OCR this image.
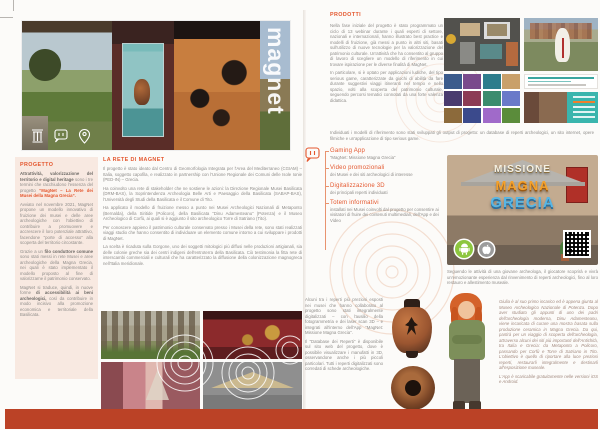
magnet
PROGETTO

Attrattività, valorizzazione del territorio e digital heritage sono i tre termini che racchiudono l'essenza del progetto “MagNet – La Rete dei Musei della Magna Grecia”.

Avviato nel novembre 2021, MagNet propone un modello innovativo di fruizione dei musei e delle aree archeologiche con l'obiettivo di contribuire a promuovere e accrescere il loro potenziale attrattivo, facendone “porte di accesso” alla scoperta del territorio circostante.

Grazie a un filo conduttore comune sono stati messi in rete Musei e aree archeologiche della Magna Grecia, nei quali è stato implementato il modello proposto al fine di valorizzarne il patrimonio conservato.

MagNet si traduce, quindi, in nuove forme di accessibilità ai beni archeologici, così da contribuire in modo incisivo alla promozione economica e territoriale della Basilicata.

LA RETE DI MAGNET

Il progetto è stato ideato dal Centro di Geomorfologia Integrata per l'Area del Mediterraneo (CGIAM) – Italia, soggetto capofila, e realizzato in partnership con l'Unione Regionale dei Comuni delle Isole Ionie (PED-IN) – Grecia.

Ha coinvolto una rete di stakeholder che ne sostiene le azioni: la Direzione Regionale Musei Basilicata (DRM-BAS), la Soprintendenza Archeologia Belle Arti e Paesaggio della Basilicata (SABAP-BAS), l'Università degli Studi della Basilicata e il Comune di Tito.

Ha applicato il modello di fruizione messo a punto nei Musei Archeologici Nazionali di Metaponto (Bernalda), della Siritide (Policoro), della Basilicata “Dinu Adamesteanu” (Potenza) e il Museo Archeologico di Corfù, ai quali si è aggiunto il sito archeologico Torre di Satriano (Tito).

Per conoscere appieno il patrimonio culturale conservato presso i Musei della rete, sono stati realizzati viaggi studio che hanno consentito di individuare un elemento comune intorno a cui sviluppare i prodotti di MagNet.

La scelta è ricaduta sulla Gorgone, uno dei soggetti mitologici più diffusi nelle produzioni artigianali, sia delle colonie greche sia dei centri indigeni dell'entroterra della Basilicata. Ciò testimonia la fitta rete di interscambi commerciali e culturali che ha caratterizzato la diffusione della colonizzazione magnogreca nell'Italia meridionale.

PRODOTTI

Nella fase iniziale del progetto è stato programmato un ciclo di 13 webinar durante i quali esperti di settore, nazionali e internazionali, hanno illustrato best practice e modelli di fruizione, già messi a punto in altri siti, basati sull'utilizzo di nuove tecnologie per la valorizzazione del patrimonio culturale. Un'attività che ha consentito al gruppo di lavoro di scegliere un modello di riferimento in cui trovare ispirazione per le diverse finalità di MagNet.

In particolare, si è optato per applicazioni ludiche, del tipo serious game, caratterizzate da giochi di abilità da fare durante suggestivi viaggi itineranti nel tempo e nello spazio, volti alla scoperta del patrimonio culturale, seguendo percorsi tematici connotati da una forte valenza didattica.

Individuati i modelli di riferimento sono stati sviluppati gli output di progetto: un database di reperti archeologici, un sito internet, opere filmiche e un'applicazione di tipo serious game.

Gaming App

“MagNet: Missione Magna Grecia”

Video promozionali

dei Musei e dei siti archeologici di interesse

Digitalizzazione 3D

dei principali reperti individuati

Totem informativi

installati nei Musei coinvolti dal progetto per consentire ai visitatori di fruire dei contenuti multimediali, dell'App e dei Video

Alcuni tra i reperti più preziosi esposti nei musei che hanno collaborato al progetto sono stati integralmente digitalizzati – con l'ausilio della fotogrammetria e dei laser scan 3D – e integrati all'interno dell'App “MagNet: Missione Magna Grecia”.

Il “Database dei Reperti” è disponibile sul sito web del progetto, dove è possibile visualizzare i manufatti in 3D, osservandone anche i più piccoli particolari. Tutti i reperti digitalizzati sono corredati di schede archeologiche.

MISSIONE

MAGNA

GRECIA

Seguendo le attività di una giovane archeologa, il giocatore scoprirà e vivrà un'emozionante esperienza dal rinvenimento di reperti archeologici, fino al loro restauro e allestimento museale.

Giulia è al suo primo incarico ed è appena giunta al Museo Archeologico Nazionale di Potenza. Dopo aver studiato gli appunti di uno dei padri dell'archeologia moderna, Dinu Adamesteanu, viene incaricata di curare una mostra basata sulla produzione ceramica in Magna Grecia. Da qui, partirà per un viaggio di scoperta dell'archeologia, attraverso alcuni dei siti più importanti dell'Antichità, tra Italia e Grecia: da Metaponto a Policoro, passando per Corfù e Torre di Satriano in Tito. L'obiettivo è quello di riportare alla luce preziosi reperti, restaurarli integralmente e destinarli all'esposizione museale.

L'App è scaricabile gratuitamente nelle versioni iOS e Android.
